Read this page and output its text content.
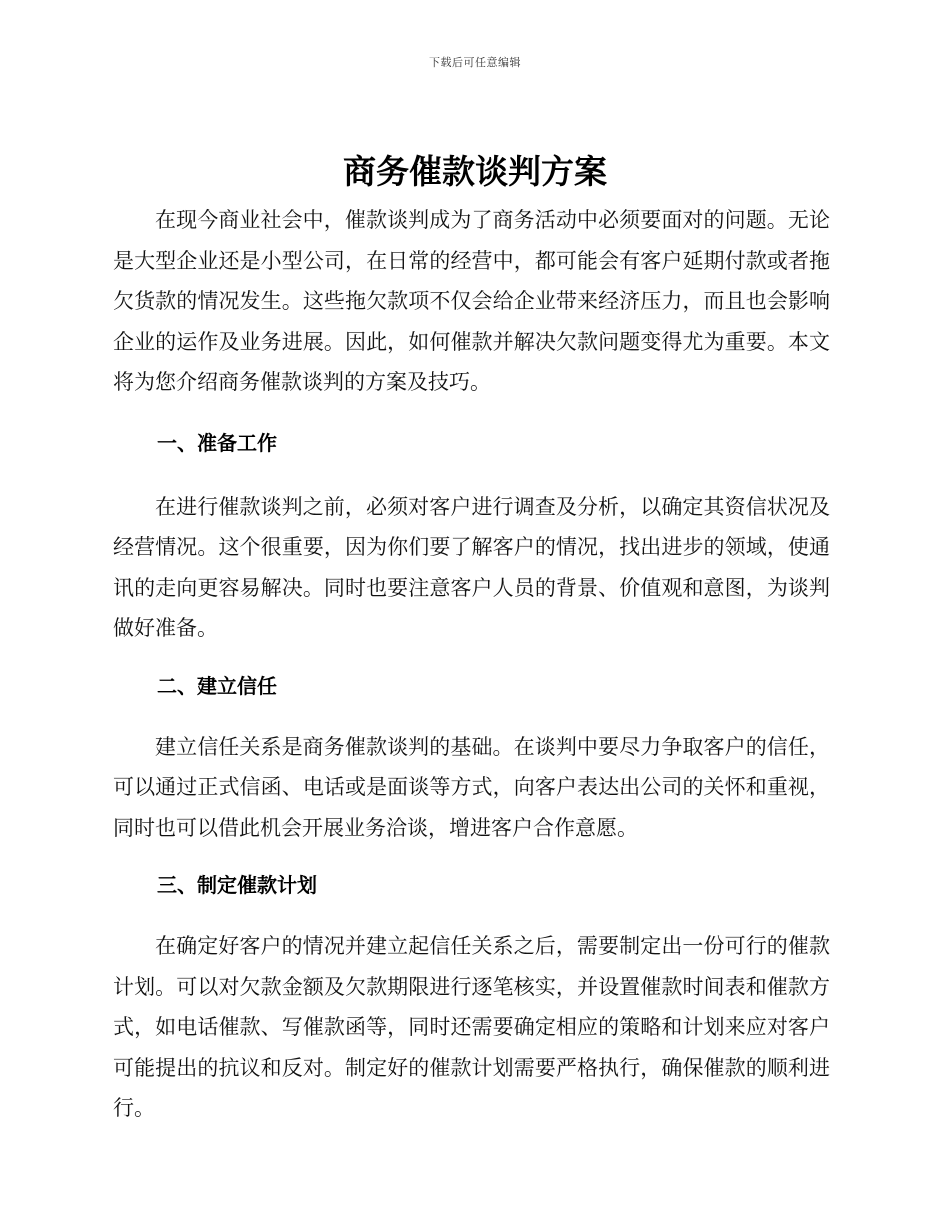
下载后可任意编辑
商务催款谈判方案

在现今商业社会中，催款谈判成为了商务活动中必须要面对的问题。无论是大型企业还是小型公司，在日常的经营中，都可能会有客户延期付款或者拖欠货款的情况发生。这些拖欠款项不仅会给企业带来经济压力，而且也会影响企业的运作及业务进展。因此，如何催款并解决欠款问题变得尤为重要。本文将为您介绍商务催款谈判的方案及技巧。

一、准备工作

在进行催款谈判之前，必须对客户进行调查及分析，以确定其资信状况及经营情况。这个很重要，因为你们要了解客户的情况，找出进步的领域，使通讯的走向更容易解决。同时也要注意客户人员的背景、价值观和意图，为谈判做好准备。

二、建立信任

建立信任关系是商务催款谈判的基础。在谈判中要尽力争取客户的信任，可以通过正式信函、电话或是面谈等方式，向客户表达出公司的关怀和重视，同时也可以借此机会开展业务洽谈，增进客户合作意愿。

三、制定催款计划

在确定好客户的情况并建立起信任关系之后，需要制定出一份可行的催款计划。可以对欠款金额及欠款期限进行逐笔核实，并设置催款时间表和催款方式，如电话催款、写催款函等，同时还需要确定相应的策略和计划来应对客户可能提出的抗议和反对。制定好的催款计划需要严格执行，确保催款的顺利进行。
